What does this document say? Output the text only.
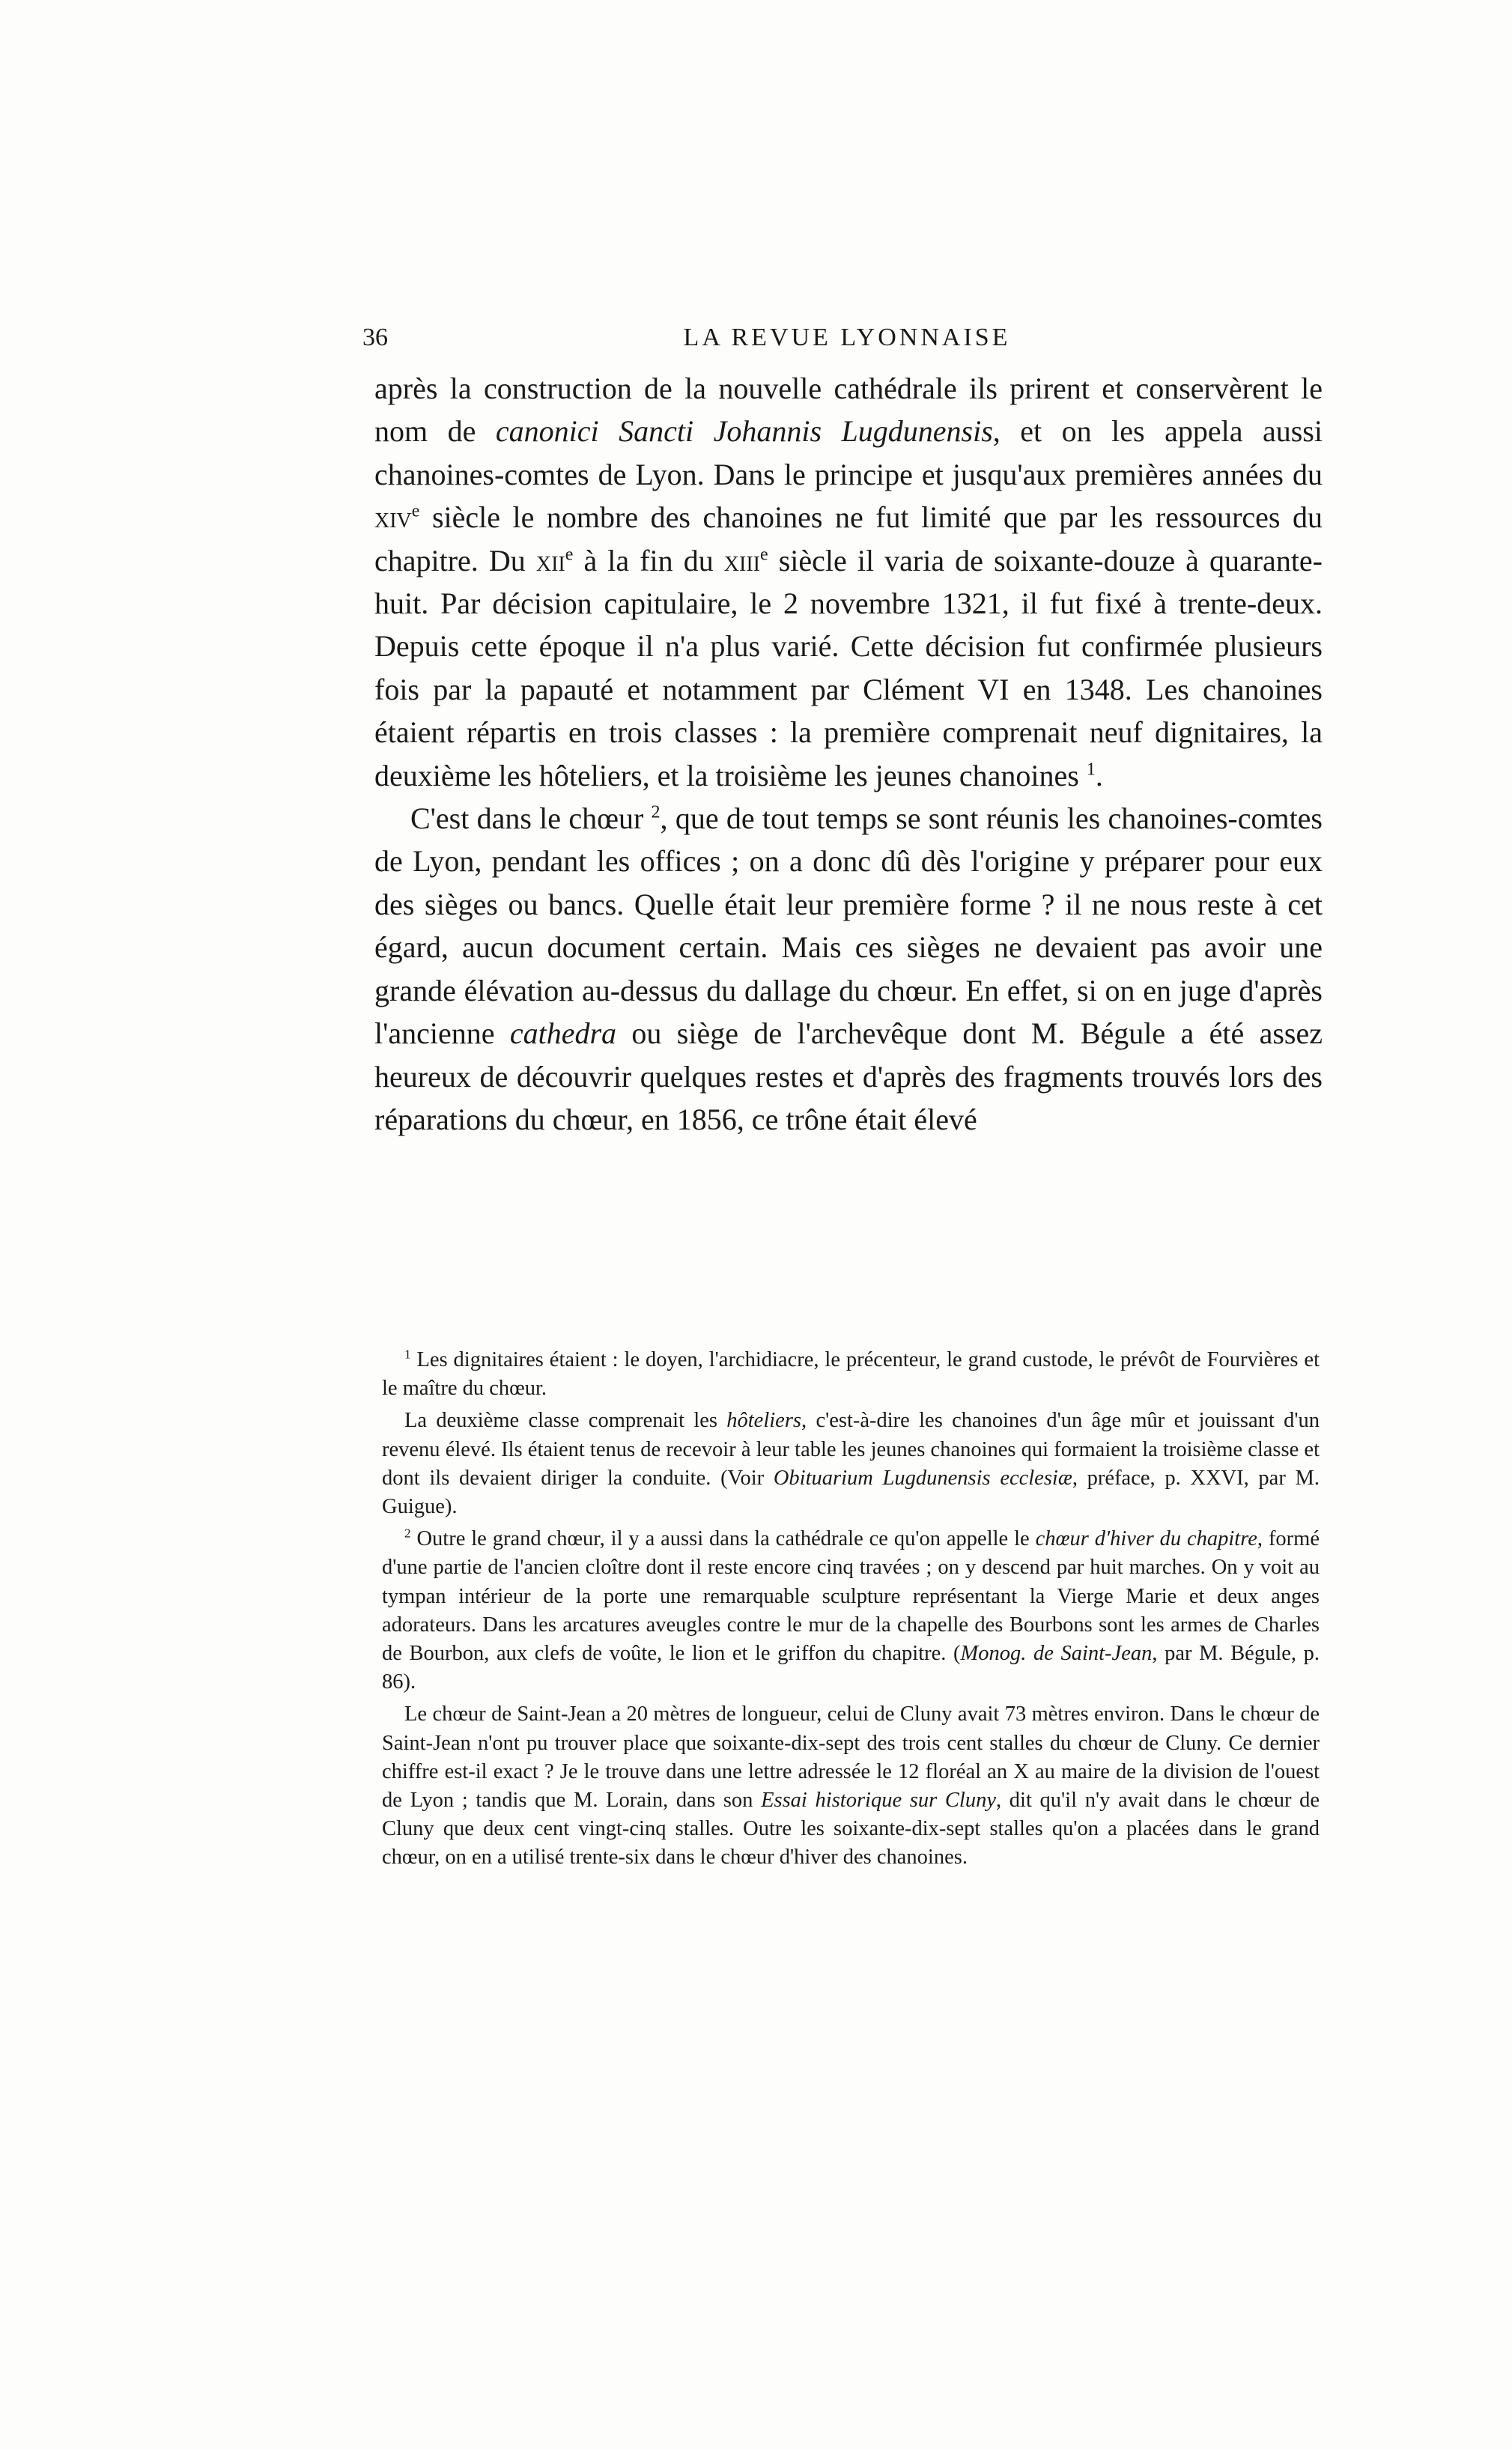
36	LA REVUE LYONNAISE

après la construction de la nouvelle cathédrale ils prirent et conservèrent le nom de canonici Sancti Johannis Lugdunensis, et on les appela aussi chanoines-comtes de Lyon. Dans le principe et jusqu'aux premières années du xiv$^e$ siècle le nombre des chanoines ne fut limité que par les ressources du chapitre. Du xii$^e$ à la fin du xiii$^e$ siècle il varia de soixante-douze à quarante-huit. Par décision capitulaire, le 2 novembre 1321, il fut fixé à trente-deux. Depuis cette époque il n'a plus varié. Cette décision fut confirmée plusieurs fois par la papauté et notamment par Clément VI en 1348. Les chanoines étaient répartis en trois classes : la première comprenait neuf dignitaires, la deuxième les hôteliers, et la troisième les jeunes chanoines $^1$.

C'est dans le chœur $^2$, que de tout temps se sont réunis les chanoines-comtes de Lyon, pendant les offices ; on a donc dû dès l'origine y préparer pour eux des sièges ou bancs. Quelle était leur première forme ? il ne nous reste à cet égard, aucun document certain. Mais ces sièges ne devaient pas avoir une grande élévation au-dessus du dallage du chœur. En effet, si on en juge d'après l'ancienne cathedra ou siège de l'archevêque dont M. Bégule a été assez heureux de découvrir quelques restes et d'après des fragments trouvés lors des réparations du chœur, en 1856, ce trône était élevé

$^1$ Les dignitaires étaient : le doyen, l'archidiacre, le précenteur, le grand custode, le prévôt de Fourvières et le maître du chœur.

La deuxième classe comprenait les hôteliers, c'est-à-dire les chanoines d'un âge mûr et jouissant d'un revenu élevé. Ils étaient tenus de recevoir à leur table les jeunes chanoines qui formaient la troisième classe et dont ils devaient diriger la conduite. (Voir Obituarium Lugdunensis ecclesiæ, préface, p. XXVI, par M. Guigue).

$^2$ Outre le grand chœur, il y a aussi dans la cathédrale ce qu'on appelle le chœur d'hiver du chapitre, formé d'une partie de l'ancien cloître dont il reste encore cinq travées ; on y descend par huit marches. On y voit au tympan intérieur de la porte une remarquable sculpture représentant la Vierge Marie et deux anges adorateurs. Dans les arcatures aveugles contre le mur de la chapelle des Bourbons sont les armes de Charles de Bourbon, aux clefs de voûte, le lion et le griffon du chapitre. (Monog. de Saint-Jean, par M. Bégule, p. 86).

Le chœur de Saint-Jean a 20 mètres de longueur, celui de Cluny avait 73 mètres environ. Dans le chœur de Saint-Jean n'ont pu trouver place que soixante-dix-sept des trois cent stalles du chœur de Cluny. Ce dernier chiffre est-il exact ? Je le trouve dans une lettre adressée le 12 floréal an X au maire de la division de l'ouest de Lyon ; tandis que M. Lorain, dans son Essai historique sur Cluny, dit qu'il n'y avait dans le chœur de Cluny que deux cent vingt-cinq stalles. Outre les soixante-dix-sept stalles qu'on a placées dans le grand chœur, on en a utilisé trente-six dans le chœur d'hiver des chanoines.
